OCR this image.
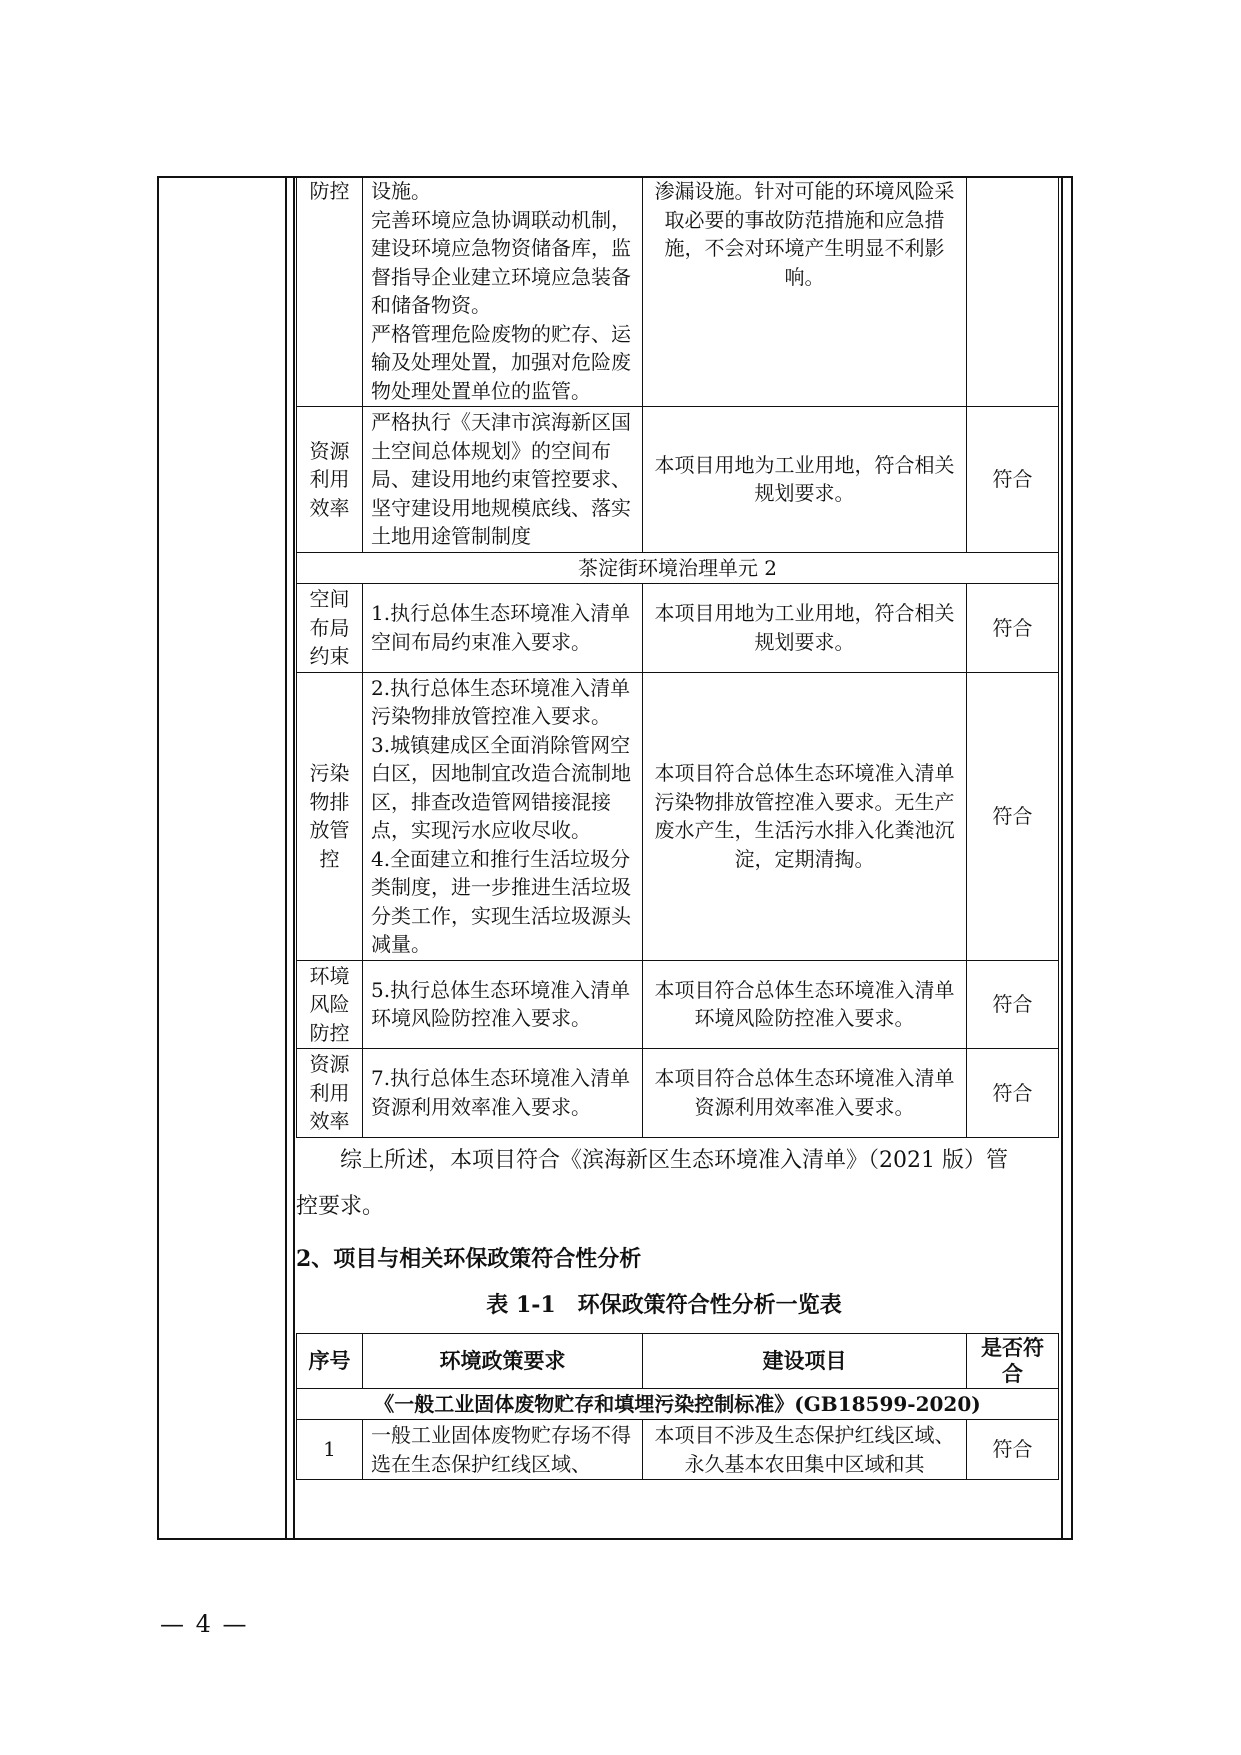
防控	设施。
完善环境应急协调联动机制，建设环境应急物资储备库，监督指导企业建立环境应急装备和储备物资。
严格管理危险废物的贮存、运输及处理处置，加强对危险废物处理处置单位的监管。	渗漏设施。针对可能的环境风险采取必要的事故防范措施和应急措施，不会对环境产生明显不利影响。	
资源利用效率	严格执行《天津市滨海新区国土空间总体规划》的空间布局、建设用地约束管控要求、坚守建设用地规模底线、落实土地用途管制制度	本项目用地为工业用地，符合相关规划要求。	符合
茶淀街环境治理单元 2			
空间布局约束	1.执行总体生态环境准入清单空间布局约束准入要求。	本项目用地为工业用地，符合相关规划要求。	符合
污染物排放管控	2.执行总体生态环境准入清单污染物排放管控准入要求。
3.城镇建成区全面消除管网空白区，因地制宜改造合流制地区，排查改造管网错接混接点，实现污水应收尽收。
4.全面建立和推行生活垃圾分类制度，进一步推进生活垃圾分类工作，实现生活垃圾源头减量。	本项目符合总体生态环境准入清单污染物排放管控准入要求。无生产废水产生，生活污水排入化粪池沉淀，定期清掏。	符合
环境风险防控	5.执行总体生态环境准入清单环境风险防控准入要求。	本项目符合总体生态环境准入清单环境风险防控准入要求。	符合
资源利用效率	7.执行总体生态环境准入清单资源利用效率准入要求。	本项目符合总体生态环境准入清单资源利用效率准入要求。	符合

综上所述，本项目符合《滨海新区生态环境准入清单》（2021 版）管控要求。

2、项目与相关环保政策符合性分析

表 1-1　环保政策符合性分析一览表

序号	环境政策要求	建设项目	是否符合
《一般工业固体废物贮存和填埋污染控制标准》(GB18599-2020)			
1	一般工业固体废物贮存场不得选在生态保护红线区域、	本项目不涉及生态保护红线区域、永久基本农田集中区域和其	符合
— 4 —
